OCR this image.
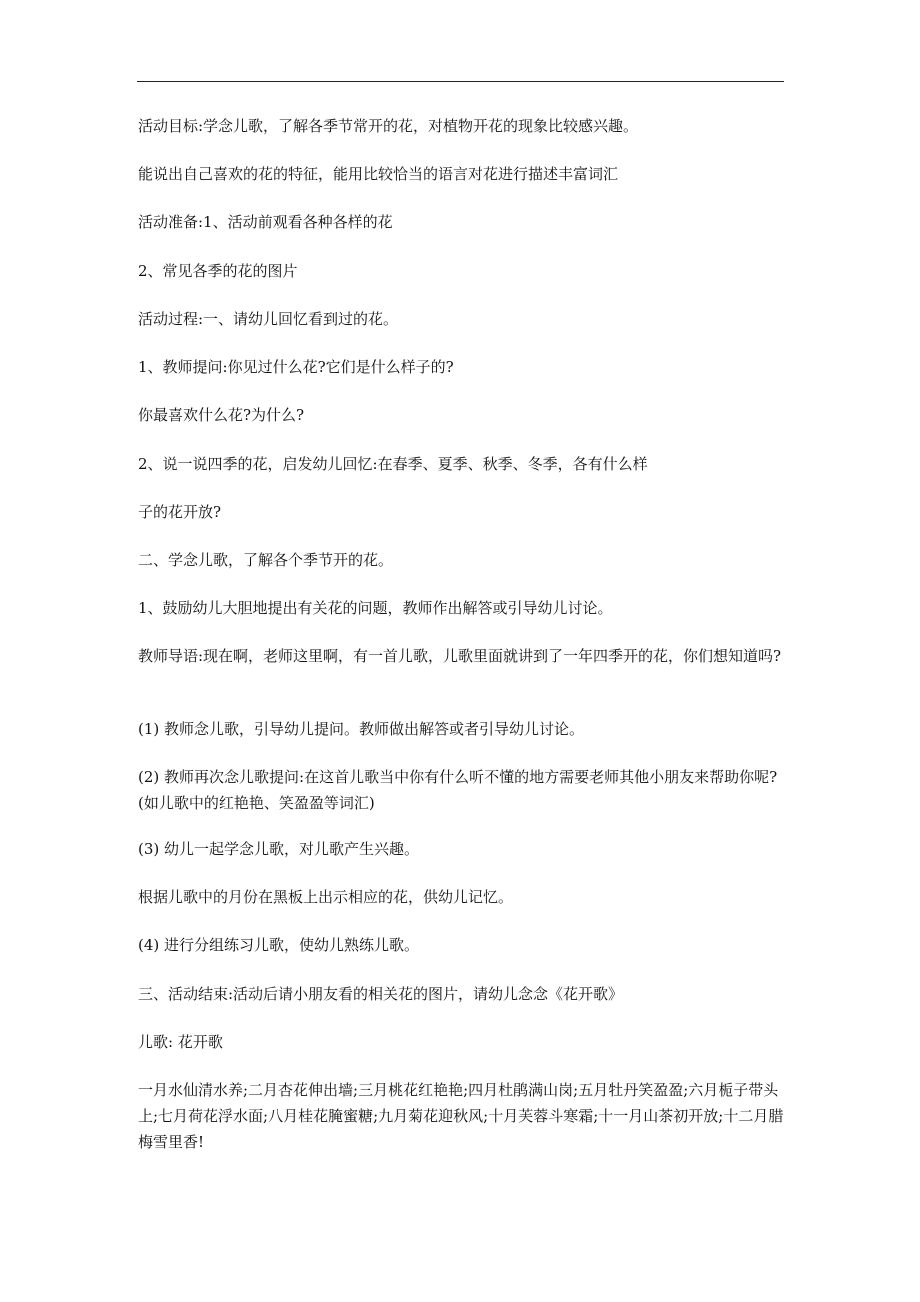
活动目标:学念儿歌，了解各季节常开的花，对植物开花的现象比较感兴趣。

能说出自己喜欢的花的特征，能用比较恰当的语言对花进行描述丰富词汇

活动准备:1、活动前观看各种各样的花

2、常见各季的花的图片

活动过程:一、请幼儿回忆看到过的花。

1、教师提问:你见过什么花?它们是什么样子的?

你最喜欢什么花?为什么?

2、说一说四季的花，启发幼儿回忆:在春季、夏季、秋季、冬季，各有什么样

子的花开放?

二、学念儿歌，了解各个季节开的花。

1、鼓励幼儿大胆地提出有关花的问题，教师作出解答或引导幼儿讨论。

教师导语:现在啊，老师这里啊，有一首儿歌，儿歌里面就讲到了一年四季开的花，你们想知道吗?

(1) 教师念儿歌，引导幼儿提问。教师做出解答或者引导幼儿讨论。

(2) 教师再次念儿歌提问:在这首儿歌当中你有什么听不懂的地方需要老师其他小朋友来帮助你呢?(如儿歌中的红艳艳、笑盈盈等词汇)

(3) 幼儿一起学念儿歌，对儿歌产生兴趣。

根据儿歌中的月份在黑板上出示相应的花，供幼儿记忆。

(4) 进行分组练习儿歌，使幼儿熟练儿歌。

三、活动结束:活动后请小朋友看的相关花的图片，请幼儿念念《花开歌》

儿歌: 花开歌

一月水仙清水养;二月杏花伸出墙;三月桃花红艳艳;四月杜鹃满山岗;五月牡丹笑盈盈;六月栀子带头上;七月荷花浮水面;八月桂花腌蜜糖;九月菊花迎秋风;十月芙蓉斗寒霜;十一月山茶初开放;十二月腊梅雪里香!
